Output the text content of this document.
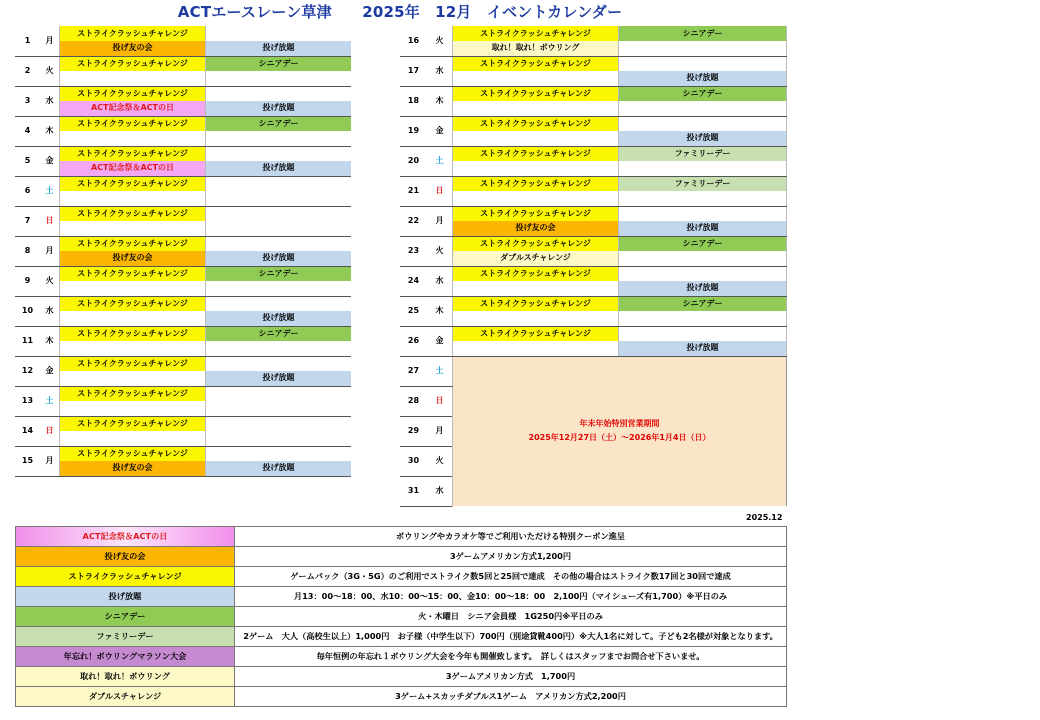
ACTエースレーン草津　　2025年　12月　イベントカレンダー
1	月	ストライクラッシュチャレンジ	
		投げ友の会	投げ放題
2	火	ストライクラッシュチャレンジ	シニアデー

3	水	ストライクラッシュチャレンジ	
		ACT記念祭＆ACTの日	投げ放題
4	木	ストライクラッシュチャレンジ	シニアデー

5	金	ストライクラッシュチャレンジ	
		ACT記念祭＆ACTの日	投げ放題
6	土	ストライクラッシュチャレンジ	

7	日	ストライクラッシュチャレンジ	

8	月	ストライクラッシュチャレンジ	
		投げ友の会	投げ放題
9	火	ストライクラッシュチャレンジ	シニアデー

10	水	ストライクラッシュチャレンジ	
			投げ放題
11	木	ストライクラッシュチャレンジ	シニアデー

12	金	ストライクラッシュチャレンジ	
			投げ放題
13	土	ストライクラッシュチャレンジ	

14	日	ストライクラッシュチャレンジ	

15	月	ストライクラッシュチャレンジ	
		投げ友の会	投げ放題
16	火	ストライクラッシュチャレンジ	シニアデー
		取れ！取れ！ボウリング	
17	水	ストライクラッシュチャレンジ	
			投げ放題
18	木	ストライクラッシュチャレンジ	シニアデー

19	金	ストライクラッシュチャレンジ	
			投げ放題
20	土	ストライクラッシュチャレンジ	ファミリーデー

21	日	ストライクラッシュチャレンジ	ファミリーデー

22	月	ストライクラッシュチャレンジ	
		投げ友の会	投げ放題
23	火	ストライクラッシュチャレンジ	シニアデー
		ダブルスチャレンジ	
24	水	ストライクラッシュチャレンジ	
			投げ放題
25	木	ストライクラッシュチャレンジ	シニアデー

26	金	ストライクラッシュチャレンジ	
			投げ放題
27	土	年末年始特別営業期間
2025年12月27日（土）～2026年1月4日（日）	

28	日		

29	月		

30	火		

31	水		

2025.12
ACT記念祭＆ACTの日	ボウリングやカラオケ等でご利用いただける特別クーポン進呈
投げ友の会	3ゲームアメリカン方式1,200円
ストライクラッシュチャレンジ	ゲームパック（3G・5G）のご利用でストライク数5回と25回で達成　その他の場合はストライク数17回と30回で達成
投げ放題	月13：00～18：00、水10：00～15：00、金10：00～18：00　2,100円（マイシューズ有1,700）※平日のみ
シニアデー	火・木曜日　シニア会員様　1G250円※平日のみ
ファミリーデー	2ゲーム　大人（高校生以上）1,000円　お子様（中学生以下）700円（別途貸靴400円）※大人1名に対して。子ども2名様が対象となります。
年忘れ！ボウリングマラソン大会	毎年恒例の年忘れ１ボウリング大会を今年も開催致します。　詳しくはスタッフまでお問合せ下さいませ。
取れ！取れ！ボウリング	3ゲームアメリカン方式　1,700円
ダブルスチャレンジ	3ゲーム+スカッチダブルス1ゲーム　アメリカン方式2,200円
